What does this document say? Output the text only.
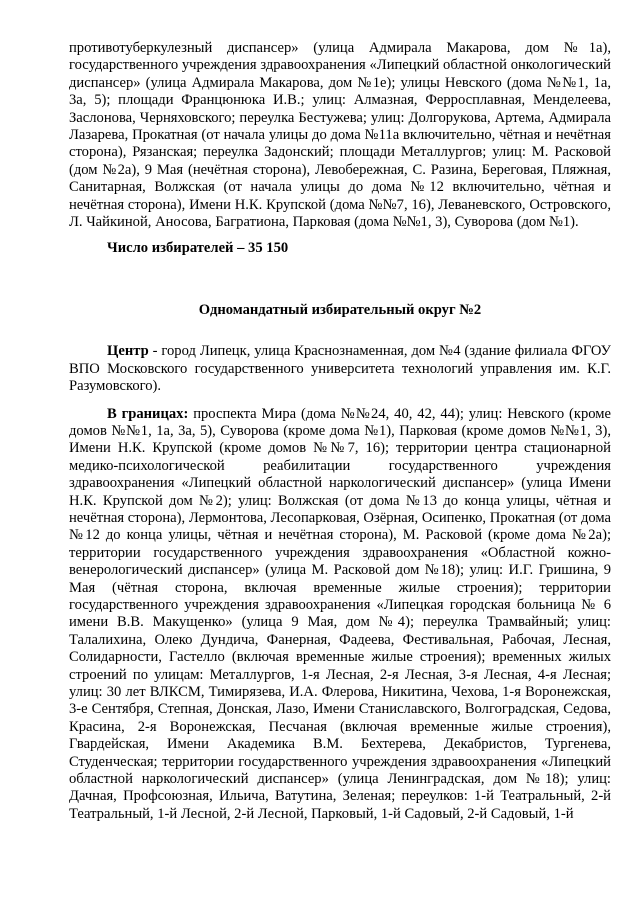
противотуберкулезный диспансер» (улица Адмирала Макарова, дом №1а), государственного учреждения здравоохранения «Липецкий областной онкологический диспансер» (улица Адмирала Макарова, дом №1е); улицы Невского (дома №№1, 1а, 3а, 5); площади Францюнюка И.В.; улиц: Алмазная, Ферросплавная, Менделеева, Заслонова, Черняховского; переулка Бестужева; улиц: Долгорукова, Артема, Адмирала Лазарева, Прокатная (от начала улицы до дома №11а включительно, чётная и нечётная сторона), Рязанская; переулка Задонский; площади Металлургов; улиц: М. Расковой (дом №2а), 9 Мая (нечётная сторона), Левобережная, С. Разина, Береговая, Пляжная, Санитарная, Волжская (от начала улицы до дома №12 включительно, чётная и нечётная сторона), Имени Н.К. Крупской (дома №№7, 16), Леваневского, Островского, Л. Чайкиной, Аносова, Багратиона, Парковая (дома №№1, 3), Суворова (дом №1).

Число избирателей – 35 150

Одномандатный избирательный округ №2

Центр - город Липецк, улица Краснознаменная, дом №4 (здание филиала ФГОУ ВПО Московского государственного университета технологий управления им. К.Г. Разумовского).

В границах: проспекта Мира (дома №№24, 40, 42, 44); улиц: Невского (кроме домов №№1, 1а, 3а, 5), Суворова (кроме дома №1), Парковая (кроме домов №№1, 3), Имени Н.К. Крупской (кроме домов №№7, 16); территории центра стационарной медико-психологической реабилитации государственного учреждения здравоохранения «Липецкий областной наркологический диспансер» (улица Имени Н.К. Крупской дом №2); улиц: Волжская (от дома №13 до конца улицы, чётная и нечётная сторона), Лермонтова, Лесопарковая, Озёрная, Осипенко, Прокатная (от дома №12 до конца улицы, чётная и нечётная сторона), М. Расковой (кроме дома №2а); территории государственного учреждения здравоохранения «Областной кожно-венерологический диспансер» (улица М. Расковой дом №18); улиц: И.Г. Гришина, 9 Мая (чётная сторона, включая временные жилые строения); территории государственного учреждения здравоохранения «Липецкая городская больница № 6 имени В.В. Макущенко» (улица 9 Мая, дом №4); переулка Трамвайный; улиц: Талалихина, Олеко Дундича, Фанерная, Фадеева, Фестивальная, Рабочая, Лесная, Солидарности, Гастелло (включая временные жилые строения); временных жилых строений по улицам: Металлургов, 1-я Лесная, 2-я Лесная, 3-я Лесная, 4-я Лесная; улиц: 30 лет ВЛКСМ, Тимирязева, И.А. Флерова, Никитина, Чехова, 1-я Воронежская, 3-е Сентября, Степная, Донская, Лазо, Имени Станиславского, Волгоградская, Седова, Красина, 2-я Воронежская, Песчаная (включая временные жилые строения), Гвардейская, Имени Академика В.М. Бехтерева, Декабристов, Тургенева, Студенческая; территории государственного учреждения здравоохранения «Липецкий областной наркологический диспансер» (улица Ленинградская, дом №18); улиц: Дачная, Профсоюзная, Ильича, Ватутина, Зеленая; переулков: 1-й Театральный, 2-й Театральный, 1-й Лесной, 2-й Лесной, Парковый, 1-й Садовый, 2-й Садовый, 1-й
